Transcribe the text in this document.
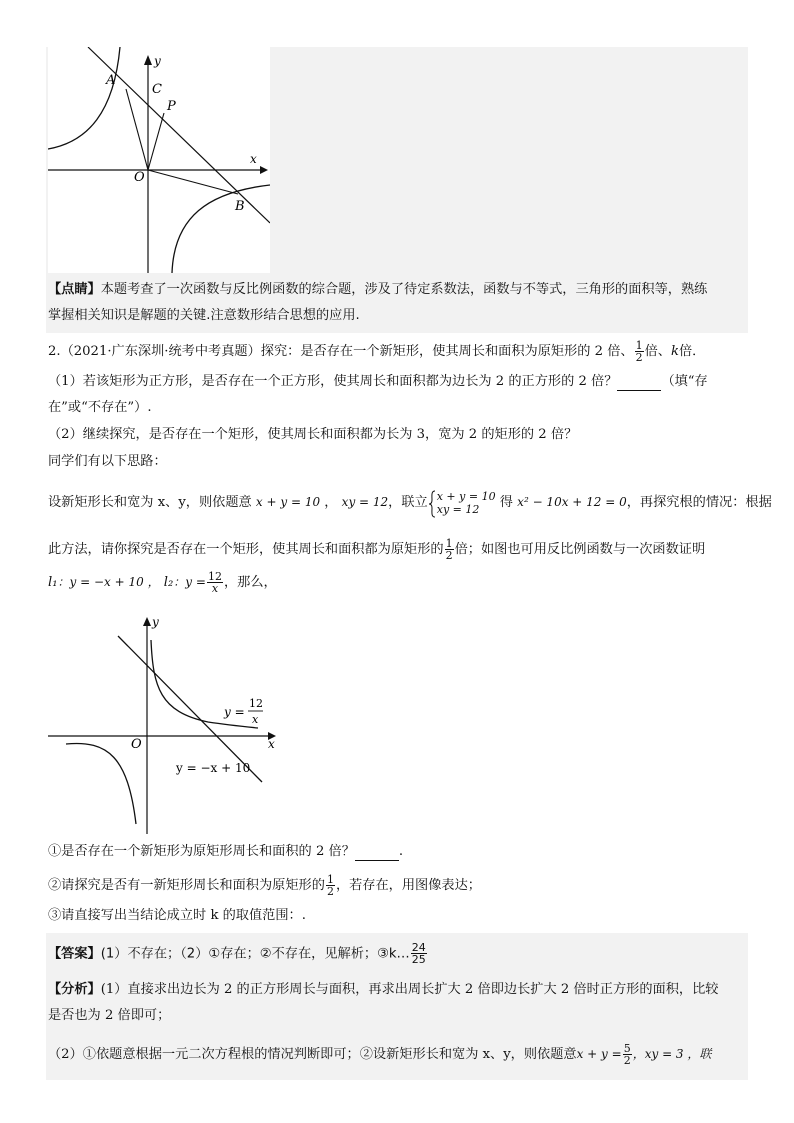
A
C
P
y
x
O
B
【点睛】本题考查了一次函数与反比例函数的综合题，涉及了待定系数法，函数与不等式，三角形的面积等，熟练
掌握相关知识是解题的关键.注意数形结合思想的应用.
2.（2021·广东深圳·统考中考真题）探究：是否存在一个新矩形，使其周长和面积为原矩形的 2 倍、 $\frac{1}{2}$ 倍、k倍．
（1）若该矩形为正方形，是否存在一个正方形，使其周长和面积都为边长为 2 的正方形的 2 倍？	（填“存
在”或“不存在”）.
（2）继续探究，是否存在一个矩形，使其周长和面积都为长为 3，宽为 2 的矩形的 2 倍？
同学们有以下思路：
设新矩形长和宽为 x、y，则依题意 x + y = 10 ， xy = 12，联立 x + y = 10
xy = 12	得 x² − 10x + 12 = 0，再探究根的情况：根据
此方法，请你探究是否存在一个矩形，使其周长和面积都为原矩形的 $\frac{1}{2}$ 倍；如图也可用反比例函数与一次函数证明
l₁：y = −x + 10 ， l₂：$y = \frac{12}{x}$，那么，
y
x
O
y =
12
x
y = −x + 10
①是否存在一个新矩形为原矩形周长和面积的 2 倍？	.
②请探究是否有一新矩形周长和面积为原矩形的 $\frac{1}{2}$ ，若存在，用图像表达；
③请直接写出当结论成立时 k 的取值范围：.
【答案】(1）不存在；（2）①存在；②不存在，见解析；③k… $\frac{24}{25}$
【分析】(1）直接求出边长为 2 的正方形周长与面积，再求出周长扩大 2 倍即边长扩大 2 倍时正方形的面积，比较
是否也为 2 倍即可；
（2）①依题意根据一元二次方程根的情况判断即可；②设新矩形长和宽为 x、y，则依题意$x + y = \frac{5}{2}$ ，xy = 3 ，联
